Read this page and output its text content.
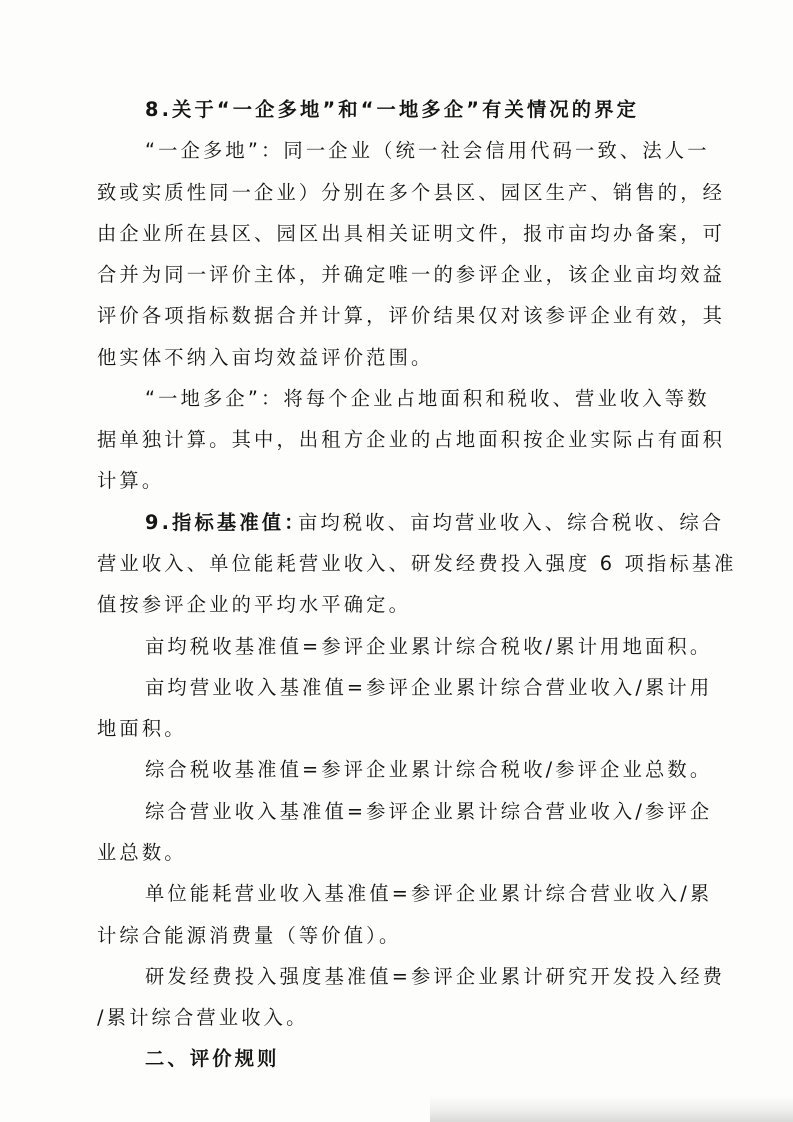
8.关于“一企多地”和“一地多企”有关情况的界定
“一企多地”：同一企业（统一社会信用代码一致、法人一
致或实质性同一企业）分别在多个县区、园区生产、销售的，经
由企业所在县区、园区出具相关证明文件，报市亩均办备案，可
合并为同一评价主体，并确定唯一的参评企业，该企业亩均效益
评价各项指标数据合并计算，评价结果仅对该参评企业有效，其
他实体不纳入亩均效益评价范围。
“一地多企”：将每个企业占地面积和税收、营业收入等数
据单独计算。其中，出租方企业的占地面积按企业实际占有面积
计算。
9.指标基准值：
亩均税收、亩均营业收入、综合税收、综合
营业收入、单位能耗营业收入、研发经费投入强度 6 项指标基准
值按参评企业的平均水平确定。
亩均税收基准值=参评企业累计综合税收/累计用地面积。
亩均营业收入基准值=参评企业累计综合营业收入/累计用
地面积。
综合税收基准值=参评企业累计综合税收/参评企业总数。
综合营业收入基准值=参评企业累计综合营业收入/参评企
业总数。
单位能耗营业收入基准值=参评企业累计综合营业收入/累
计综合能源消费量（等价值）。
研发经费投入强度基准值=参评企业累计研究开发投入经费
/累计综合营业收入。
二、评价规则
